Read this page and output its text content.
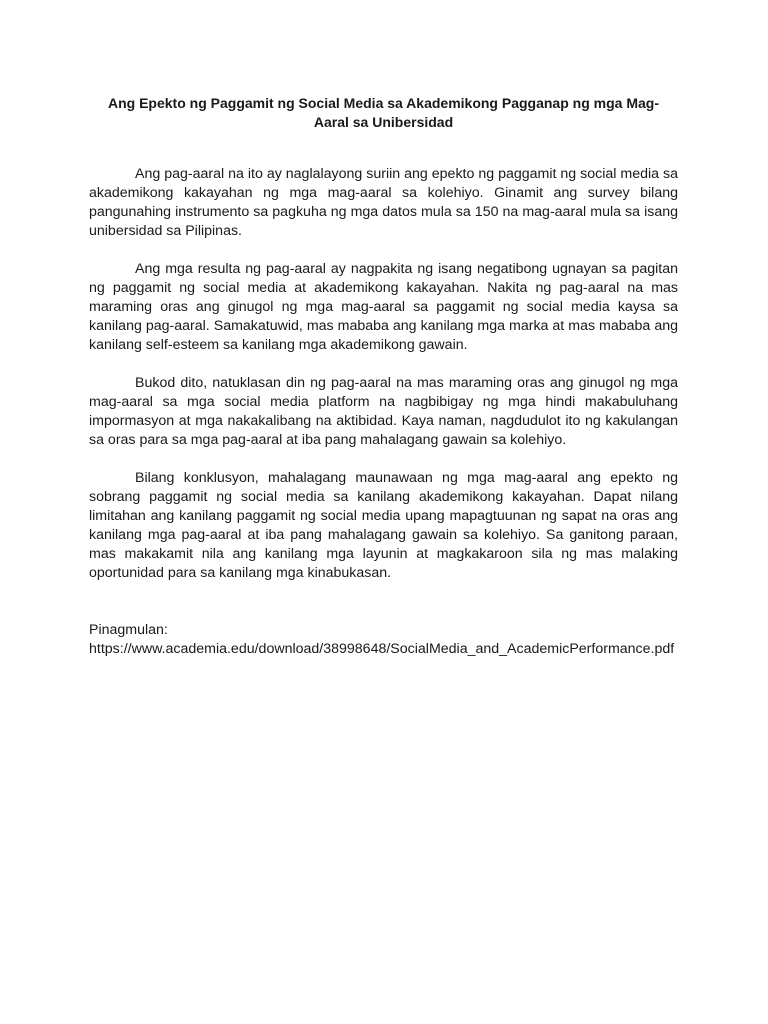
Ang Epekto ng Paggamit ng Social Media sa Akademikong Pagganap ng mga Mag-Aaral sa Unibersidad

Ang pag-aaral na ito ay naglalayong suriin ang epekto ng paggamit ng social media sa akademikong kakayahan ng mga mag-aaral sa kolehiyo. Ginamit ang survey bilang pangunahing instrumento sa pagkuha ng mga datos mula sa 150 na mag-aaral mula sa isang unibersidad sa Pilipinas.

Ang mga resulta ng pag-aaral ay nagpakita ng isang negatibong ugnayan sa pagitan ng paggamit ng social media at akademikong kakayahan. Nakita ng pag-aaral na mas maraming oras ang ginugol ng mga mag-aaral sa paggamit ng social media kaysa sa kanilang pag-aaral. Samakatuwid, mas mababa ang kanilang mga marka at mas mababa ang kanilang self-esteem sa kanilang mga akademikong gawain.

Bukod dito, natuklasan din ng pag-aaral na mas maraming oras ang ginugol ng mga mag-aaral sa mga social media platform na nagbibigay ng mga hindi makabuluhang impormasyon at mga nakakalibang na aktibidad. Kaya naman, nagdudulot ito ng kakulangan sa oras para sa mga pag-aaral at iba pang mahalagang gawain sa kolehiyo.

Bilang konklusyon, mahalagang maunawaan ng mga mag-aaral ang epekto ng sobrang paggamit ng social media sa kanilang akademikong kakayahan. Dapat nilang limitahan ang kanilang paggamit ng social media upang mapagtuunan ng sapat na oras ang kanilang mga pag-aaral at iba pang mahalagang gawain sa kolehiyo. Sa ganitong paraan, mas makakamit nila ang kanilang mga layunin at magkakaroon sila ng mas malaking oportunidad para sa kanilang mga kinabukasan.

Pinagmulan:
https://www.academia.edu/download/38998648/SocialMedia_and_AcademicPerformance.pdf
